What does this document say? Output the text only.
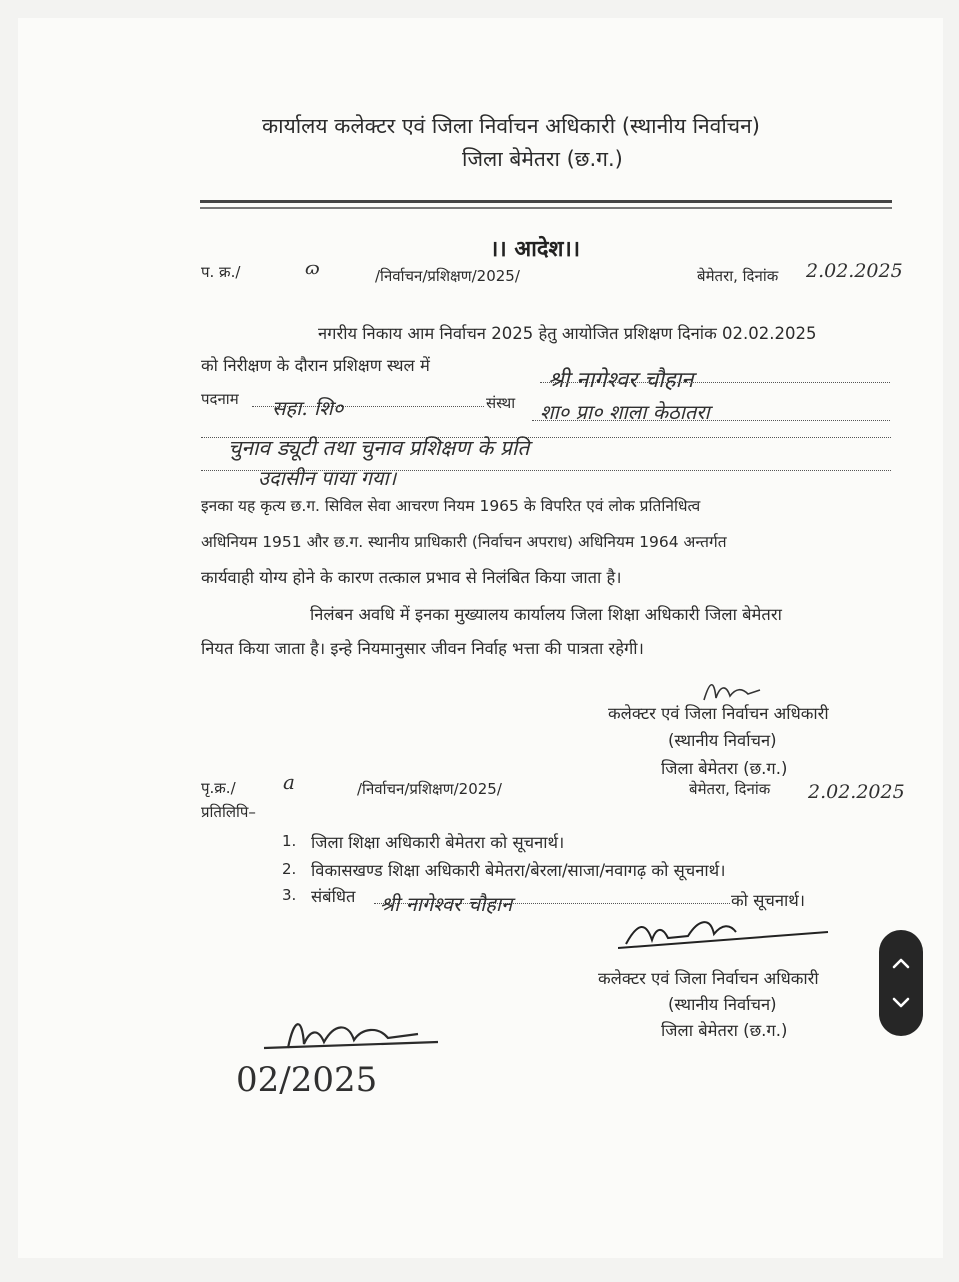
कार्यालय कलेक्टर एवं जिला निर्वाचन अधिकारी (स्थानीय निर्वाचन)
जिला बेमेतरा (छ.ग.)
।। आदेश।।
प. क्र./	ɷ	/निर्वाचन/प्रशिक्षण/2025/	बेमेतरा, दिनांक 2.02.2025
नगरीय निकाय आम निर्वाचन 2025 हेतु आयोजित प्रशिक्षण दिनांक 02.02.2025
को निरीक्षण के दौरान प्रशिक्षण स्थल में
श्री नागेश्वर चौहान
पदनाम सहा. शि०	संस्था शा० प्रा० शाला केठातरा
चुनाव ड्यूटी तथा चुनाव प्रशिक्षण के प्रति
उदासीन पाया गया।
इनका यह कृत्य छ.ग. सिविल सेवा आचरण नियम 1965 के विपरित एवं लोक प्रतिनिधित्व
अधिनियम 1951 और छ.ग. स्थानीय प्राधिकारी (निर्वाचन अपराध) अधिनियम 1964 अन्तर्गत
कार्यवाही योग्य होने के कारण तत्काल प्रभाव से निलंबित किया जाता है।
निलंबन अवधि में इनका मुख्यालय कार्यालय जिला शिक्षा अधिकारी जिला बेमेतरा
नियत किया जाता है। इन्हे नियमानुसार जीवन निर्वाह भत्ता की पात्रता रहेगी।
कलेक्टर एवं जिला निर्वाचन अधिकारी
(स्थानीय निर्वाचन)
जिला बेमेतरा (छ.ग.)
पृ.क्र./ a	/निर्वाचन/प्रशिक्षण/2025/	बेमेतरा, दिनांक 2.02.2025
प्रतिलिपि–
1. जिला शिक्षा अधिकारी बेमेतरा को सूचनार्थ।
2. विकासखण्ड शिक्षा अधिकारी बेमेतरा/बेरला/साजा/नवागढ़ को सूचनार्थ।
3. संबंधित श्री नागेश्वर चौहान	को सूचनार्थ।
कलेक्टर एवं जिला निर्वाचन अधिकारी
(स्थानीय निर्वाचन)
जिला बेमेतरा (छ.ग.)
02/2025
